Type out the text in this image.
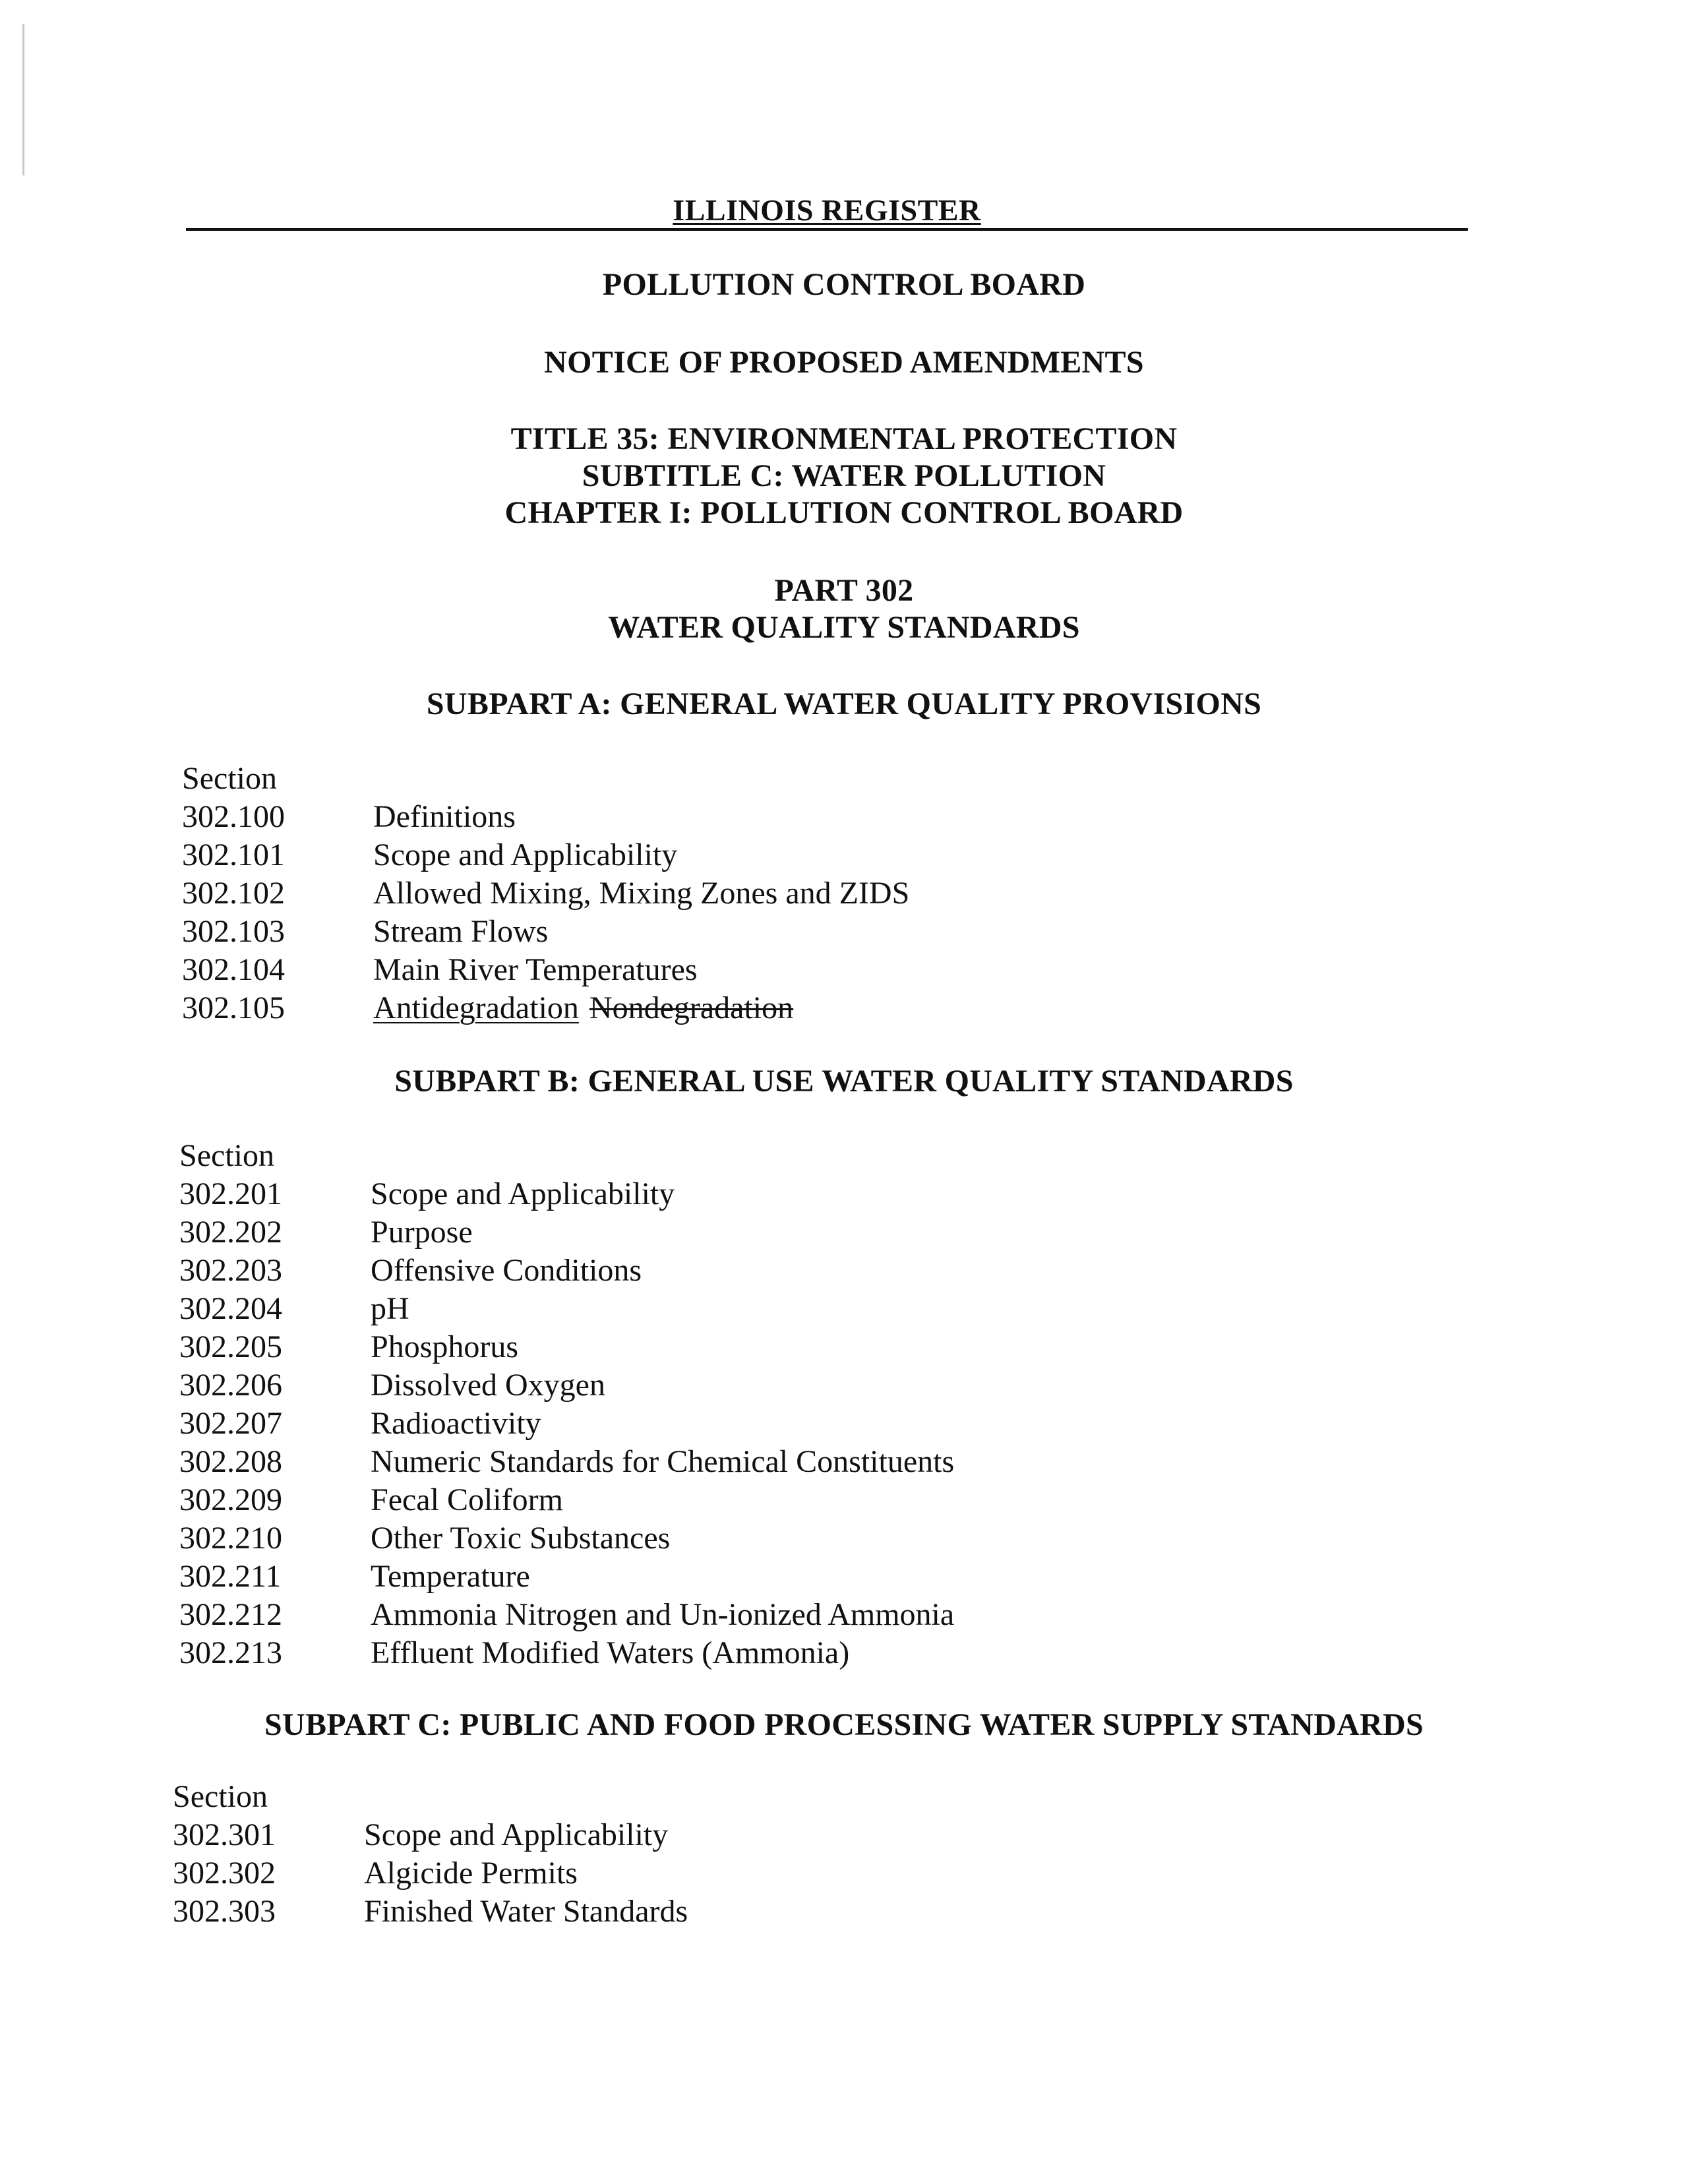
ILLINOIS REGISTER
POLLUTION CONTROL BOARD
NOTICE OF PROPOSED AMENDMENTS
TITLE 35: ENVIRONMENTAL PROTECTION
SUBTITLE C: WATER POLLUTION
CHAPTER I: POLLUTION CONTROL BOARD
PART 302
WATER QUALITY STANDARDS
SUBPART A: GENERAL WATER QUALITY PROVISIONS
Section
302.100	Definitions
302.101	Scope and Applicability
302.102	Allowed Mixing, Mixing Zones and ZIDS
302.103	Stream Flows
302.104	Main River Temperatures
302.105	Antidegradation Nondegradation
SUBPART B: GENERAL USE WATER QUALITY STANDARDS
Section
302.201	Scope and Applicability
302.202	Purpose
302.203	Offensive Conditions
302.204	pH
302.205	Phosphorus
302.206	Dissolved Oxygen
302.207	Radioactivity
302.208	Numeric Standards for Chemical Constituents
302.209	Fecal Coliform
302.210	Other Toxic Substances
302.211	Temperature
302.212	Ammonia Nitrogen and Un-ionized Ammonia
302.213	Effluent Modified Waters (Ammonia)
SUBPART C: PUBLIC AND FOOD PROCESSING WATER SUPPLY STANDARDS
Section
302.301	Scope and Applicability
302.302	Algicide Permits
302.303	Finished Water Standards
